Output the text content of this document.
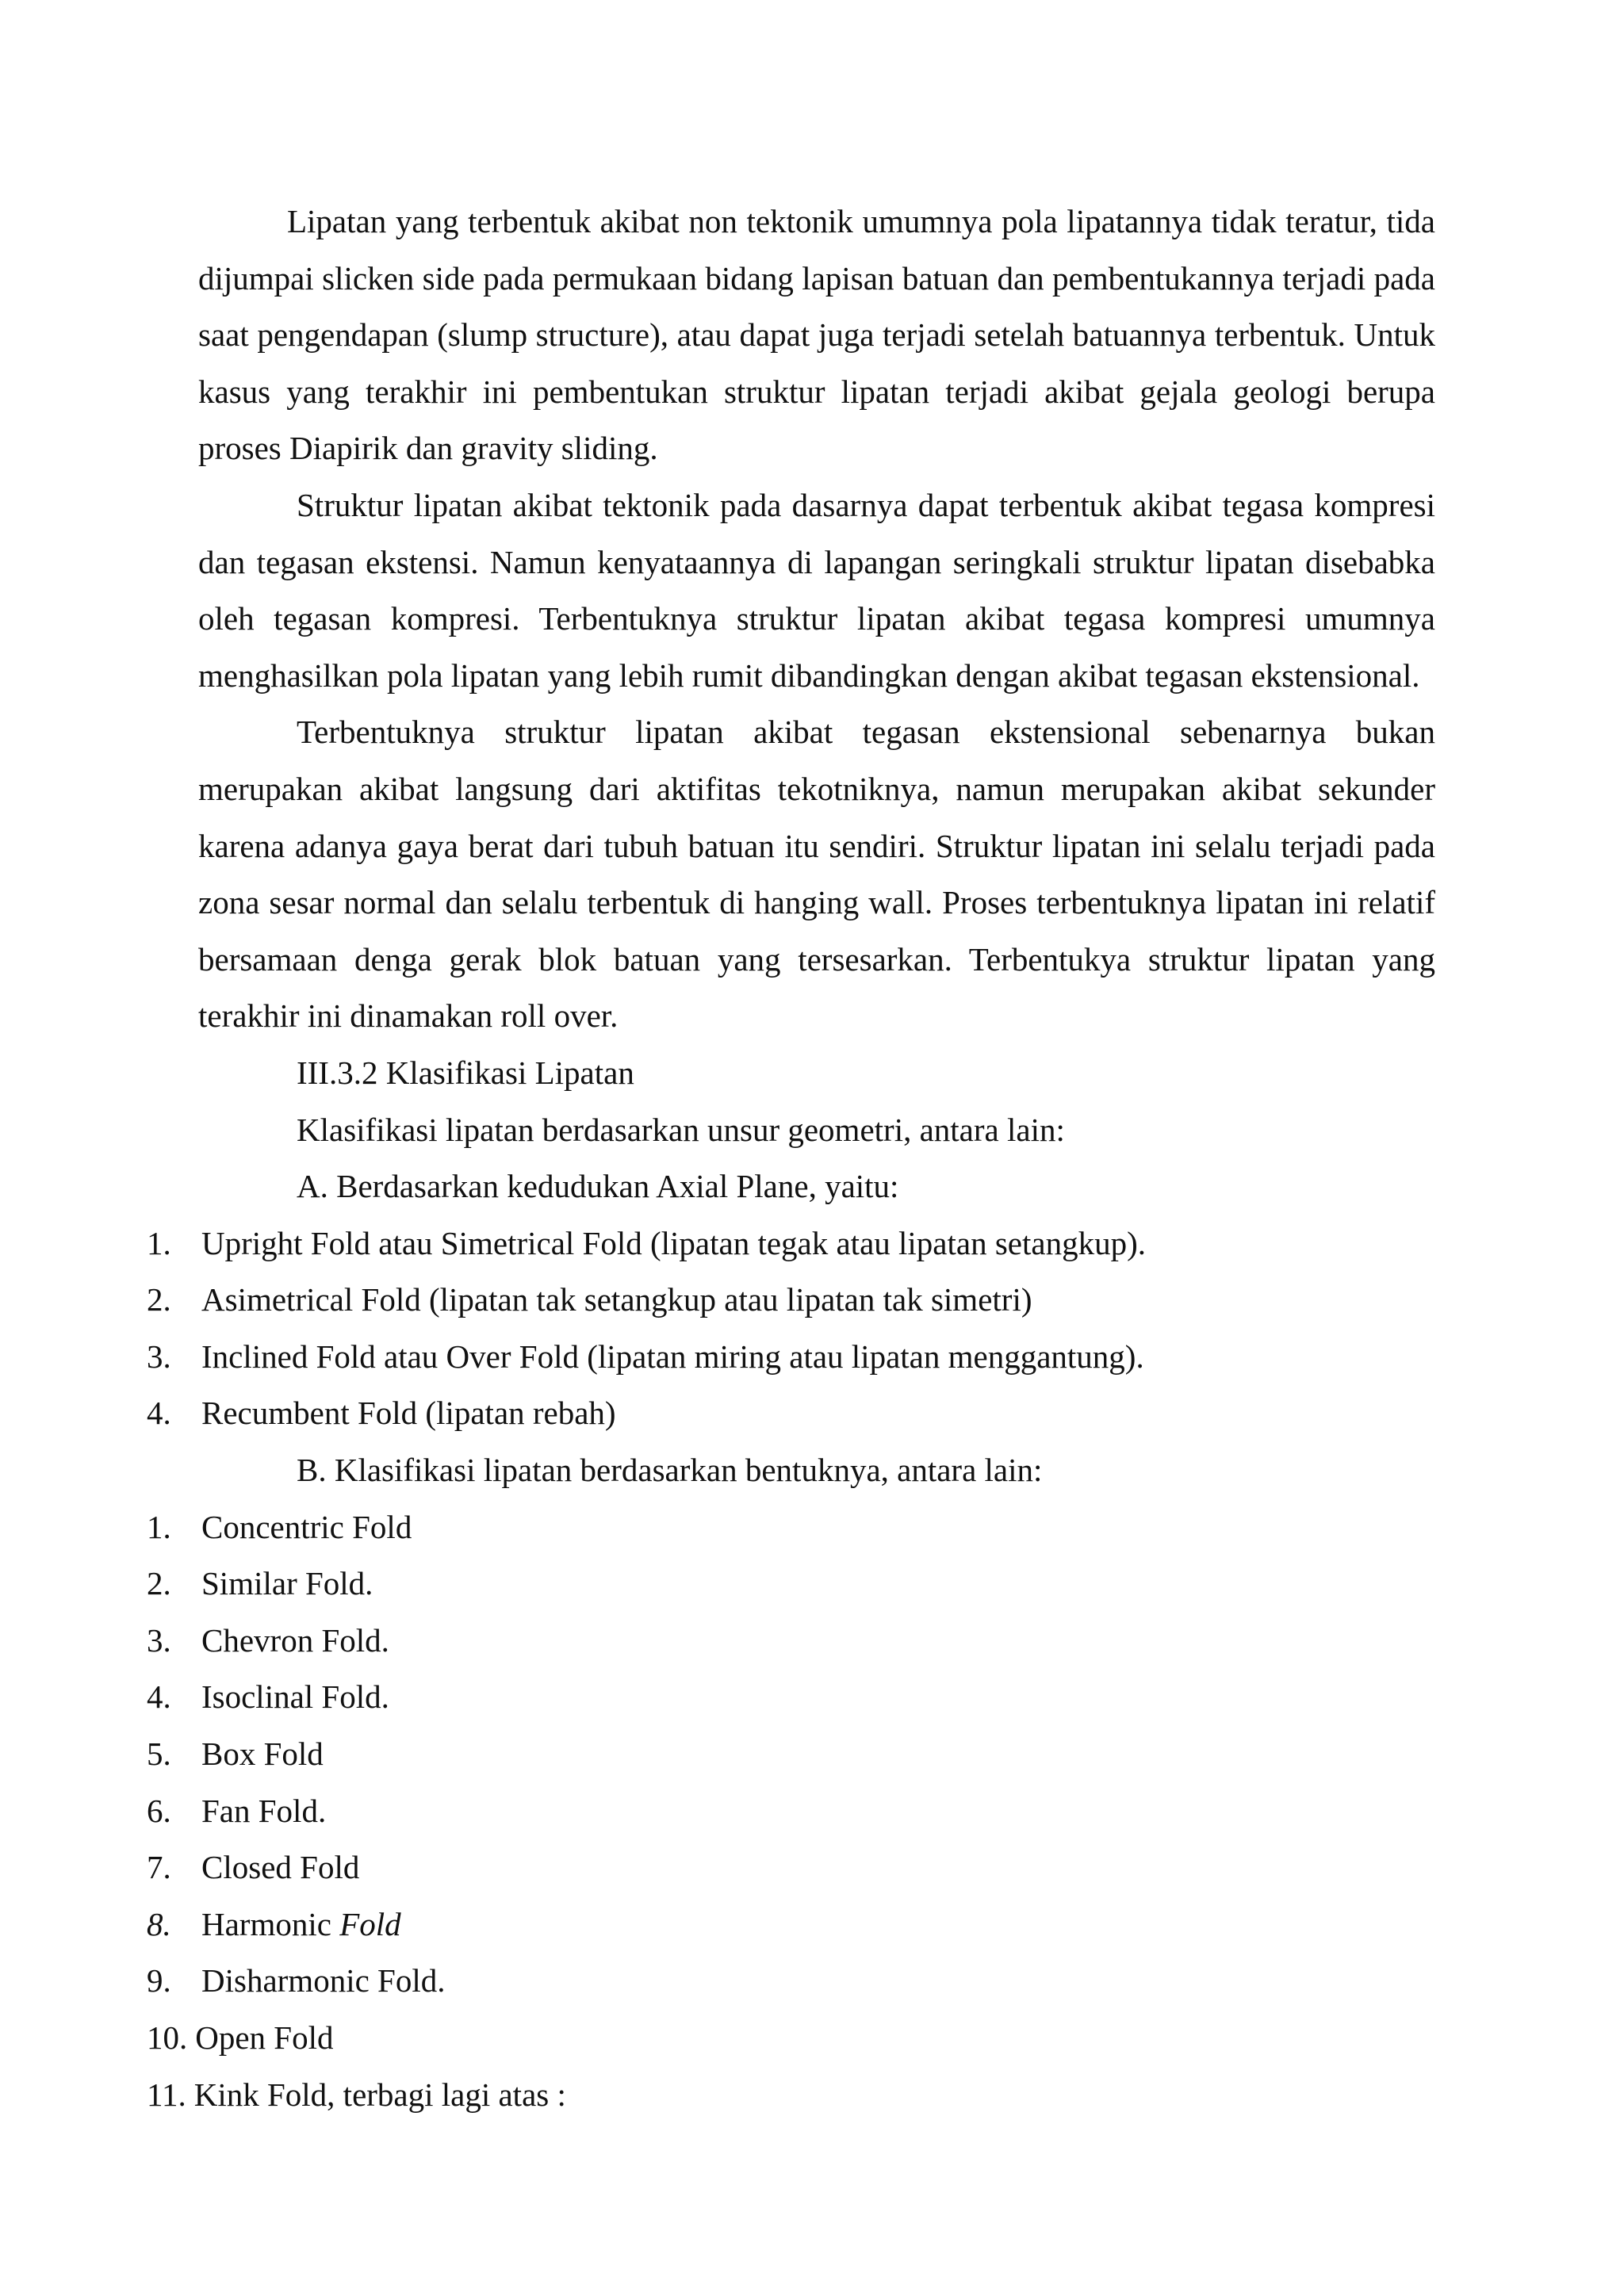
Lipatan yang terbentuk akibat non tektonik umumnya pola lipatannya tidak teratur, tida dijumpai slicken side pada permukaan bidang lapisan batuan dan pembentukannya terjadi pada saat pengendapan (slump structure), atau dapat juga terjadi setelah batuannya terbentuk. Untuk kasus yang terakhir ini pembentukan struktur lipatan terjadi akibat gejala geologi berupa proses Diapirik dan gravity sliding.

Struktur lipatan akibat tektonik pada dasarnya dapat terbentuk akibat tegasa kompresi dan tegasan ekstensi. Namun kenyataannya di lapangan seringkali struktur lipatan disebabka oleh tegasan kompresi. Terbentuknya struktur lipatan akibat tegasa kompresi umumnya menghasilkan pola lipatan yang lebih rumit dibandingkan dengan akibat tegasan ekstensional.

Terbentuknya struktur lipatan akibat tegasan ekstensional sebenarnya bukan merupakan akibat langsung dari aktifitas tekotniknya, namun merupakan akibat sekunder karena adanya gaya berat dari tubuh batuan itu sendiri. Struktur lipatan ini selalu terjadi pada zona sesar normal dan selalu terbentuk di hanging wall. Proses terbentuknya lipatan ini relatif bersamaan denga gerak blok batuan yang tersesarkan. Terbentukya struktur lipatan yang terakhir ini dinamakan roll over.

III.3.2 Klasifikasi Lipatan

Klasifikasi lipatan berdasarkan unsur geometri, antara lain:

A. Berdasarkan kedudukan Axial Plane, yaitu:

1. Upright Fold atau Simetrical Fold (lipatan tegak atau lipatan setangkup).
2. Asimetrical Fold (lipatan tak setangkup atau lipatan tak simetri)
3. Inclined Fold atau Over Fold (lipatan miring atau lipatan menggantung).
4. Recumbent Fold (lipatan rebah)

B. Klasifikasi lipatan berdasarkan bentuknya, antara lain:

1. Concentric Fold
2. Similar Fold.
3. Chevron Fold.
4. Isoclinal Fold.
5. Box Fold
6. Fan Fold.
7. Closed Fold
8. Harmonic Fold
9. Disharmonic Fold.
10. Open Fold
11. Kink Fold, terbagi lagi atas :
